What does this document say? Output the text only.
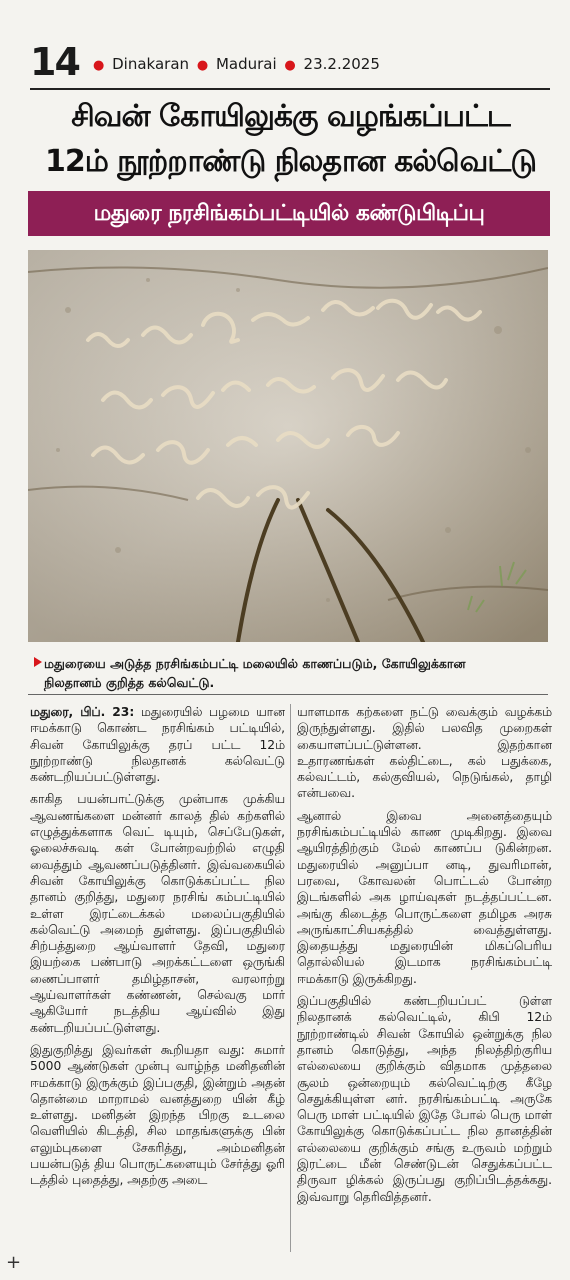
14 ● Dinakaran ● Madurai ● 23.2.2025
சிவன் கோயிலுக்கு வழங்கப்பட்ட
12ம் நூற்றாண்டு நிலதான கல்வெட்டு
மதுரை நரசிங்கம்பட்டியில் கண்டுபிடிப்பு
மதுரையை அடுத்த நரசிங்கம்பட்டி மலையில் காணப்படும், கோயிலுக்கான
நிலதானம் குறித்த கல்வெட்டு.

மதுரை, பிப். 23: மதுரையில் பழமை யான ஈமக்காடு கொண்ட நரசிங்கம் பட்டியில், சிவன் கோயிலுக்கு தரப் பட்ட 12ம் நூற்றாண்டு நிலதானக் கல்வெட்டு கண்டறியப்பட்டுள்ளது.

காகித பயன்பாட்டுக்கு முன்பாக முக்கிய ஆவணங்களை மன்னர் காலத் தில் கற்களில் எழுத்துக்களாக வெட் டியும், செப்பேடுகள், ஓலைச்சுவடி கள் போன்றவற்றில் எழுதி வைத்தும் ஆவணப்படுத்தினர். இவ்வகையில் சிவன் கோயிலுக்கு கொடுக்கப்பட்ட நில தானம் குறித்து, மதுரை நரசிங் கம்பட்டியில் உள்ள இரட்டைக்கல் மலைப்பகுதியில் கல்வெட்டு அமைந் துள்ளது. இப்பகுதியில் சிற்பத்துறை ஆய்வாளர் தேவி, மதுரை இயற்கை பண்பாடு அறக்கட்டளை ஒருங்கி ணைப்பாளர் தமிழ்தாசன், வரலாற்று ஆய்வாளர்கள் கண்ணன், செல்வகு மார் ஆகியோர் நடத்திய ஆய்வில் இது கண்டறியப்பட்டுள்ளது.

இதுகுறித்து இவர்கள் கூறியதா வது: சுமார் 5000 ஆண்டுகள் முன்பு வாழ்ந்த மனிதனின் ஈமக்காடு இருக்கும் இப்பகுதி, இன்றும் அதன் தொன்மை மாறாமல் வனத்துறை யின் கீழ் உள்ளது. மனிதன் இறந்த பிறகு உடலை வெளியில் கிடத்தி, சில மாதங்களுக்கு பின் எலும்புகளை சேகரித்து, அம்மனிதன் பயன்படுத் திய பொருட்களையும் சேர்த்து ஓரி டத்தில் புதைத்து, அதற்கு அடை

யாளமாக கற்களை நட்டு வைக்கும் வழக்கம் இருந்துள்ளது. இதில் பலவித முறைகள் கையாளப்பட்டுள்ளன. இதற்கான உதாரணங்கள் கல்திட்டை, கல் பதுக்கை, கல்வட்டம், கல்குவியல், நெடுங்கல், தாழி என்பவை.

ஆனால் இவை அனைத்தையும் நரசிங்கம்பட்டியில் காண முடிகிறது. இவை ஆயிரத்திற்கும் மேல் காணப்ப டுகின்றன. மதுரையில் அனுப்பா னடி, துவரிமான், பரவை, கோவலன் பொட்டல் போன்ற இடங்களில் அக ழாய்வுகள் நடத்தப்பட்டன. அங்கு கிடைத்த பொருட்களை தமிழக அரசு அருங்காட்சியகத்தில் வைத்துள்ளது. இதையத்து மதுரையின் மிகப்பெரிய தொல்லியல் இடமாக நரசிங்கம்பட்டி ஈமக்காடு இருக்கிறது.

இப்பகுதியில் கண்டறியப்பட் டுள்ள நிலதானக் கல்வெட்டில், கிபி 12ம் நூற்றாண்டில் சிவன் கோயில் ஒன்றுக்கு நில தானம் கொடுத்து, அந்த நிலத்திற்குரிய எல்லையை குறிக்கும் விதமாக முத்தலை சூலம் ஒன்றையும் கல்வெட்டிற்கு கீழே செதுக்கியுள்ள னர். நரசிங்கம்பட்டி அருகே பெரு மாள் பட்டியில் இதே போல் பெரு மாள் கோயிலுக்கு கொடுக்கப்பட்ட நில தானத்தின் எல்லையை குறிக்கும் சங்கு உருவம் மற்றும் இரட்டை மீன் செண்டுடன் செதுக்கப்பட்ட திருவா ழிக்கல் இருப்பது குறிப்பிடத்தக்கது. இவ்வாறு தெரிவித்தனர்.

+
